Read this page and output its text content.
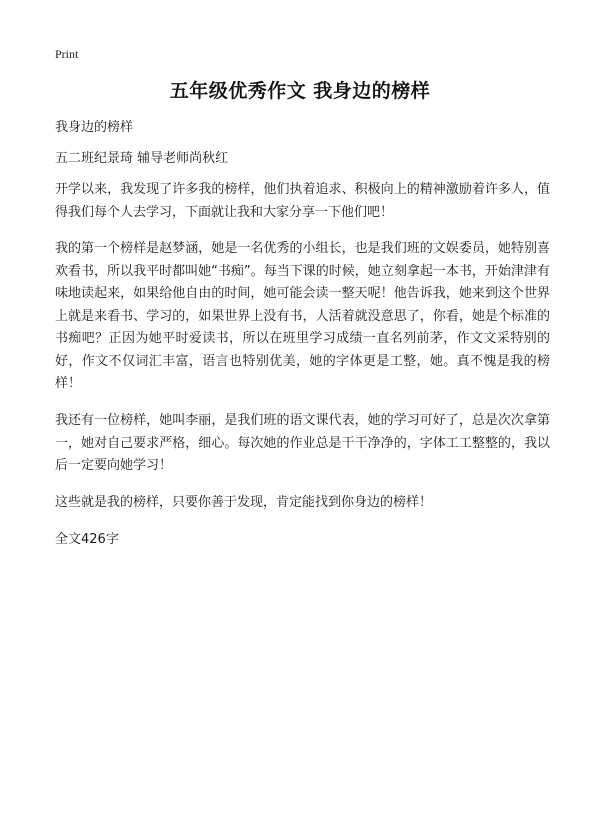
Print
五年级优秀作文 我身边的榜样
我身边的榜样
五二班纪景琦 辅导老师尚秋红

开学以来，我发现了许多我的榜样，他们执着追求、积极向上的精神激励着许多人，值得我们每个人去学习，下面就让我和大家分享一下他们吧！

我的第一个榜样是赵梦涵，她是一名优秀的小组长，也是我们班的文娱委员，她特别喜欢看书，所以我平时都叫她“书痴”。每当下课的时候，她立刻拿起一本书，开始津津有味地读起来，如果给他自由的时间，她可能会读一整天呢！他告诉我，她来到这个世界上就是来看书、学习的，如果世界上没有书，人活着就没意思了，你看，她是个标准的书痴吧？正因为她平时爱读书，所以在班里学习成绩一直名列前茅，作文文采特别的好，作文不仅词汇丰富，语言也特别优美，她的字体更是工整，她。真不愧是我的榜样！

我还有一位榜样，她叫李丽，是我们班的语文课代表，她的学习可好了，总是次次拿第一，她对自己要求严格，细心。每次她的作业总是干干净净的，字体工工整整的，我以后一定要向她学习！

这些就是我的榜样，只要你善于发现，肯定能找到你身边的榜样！

全文426字
